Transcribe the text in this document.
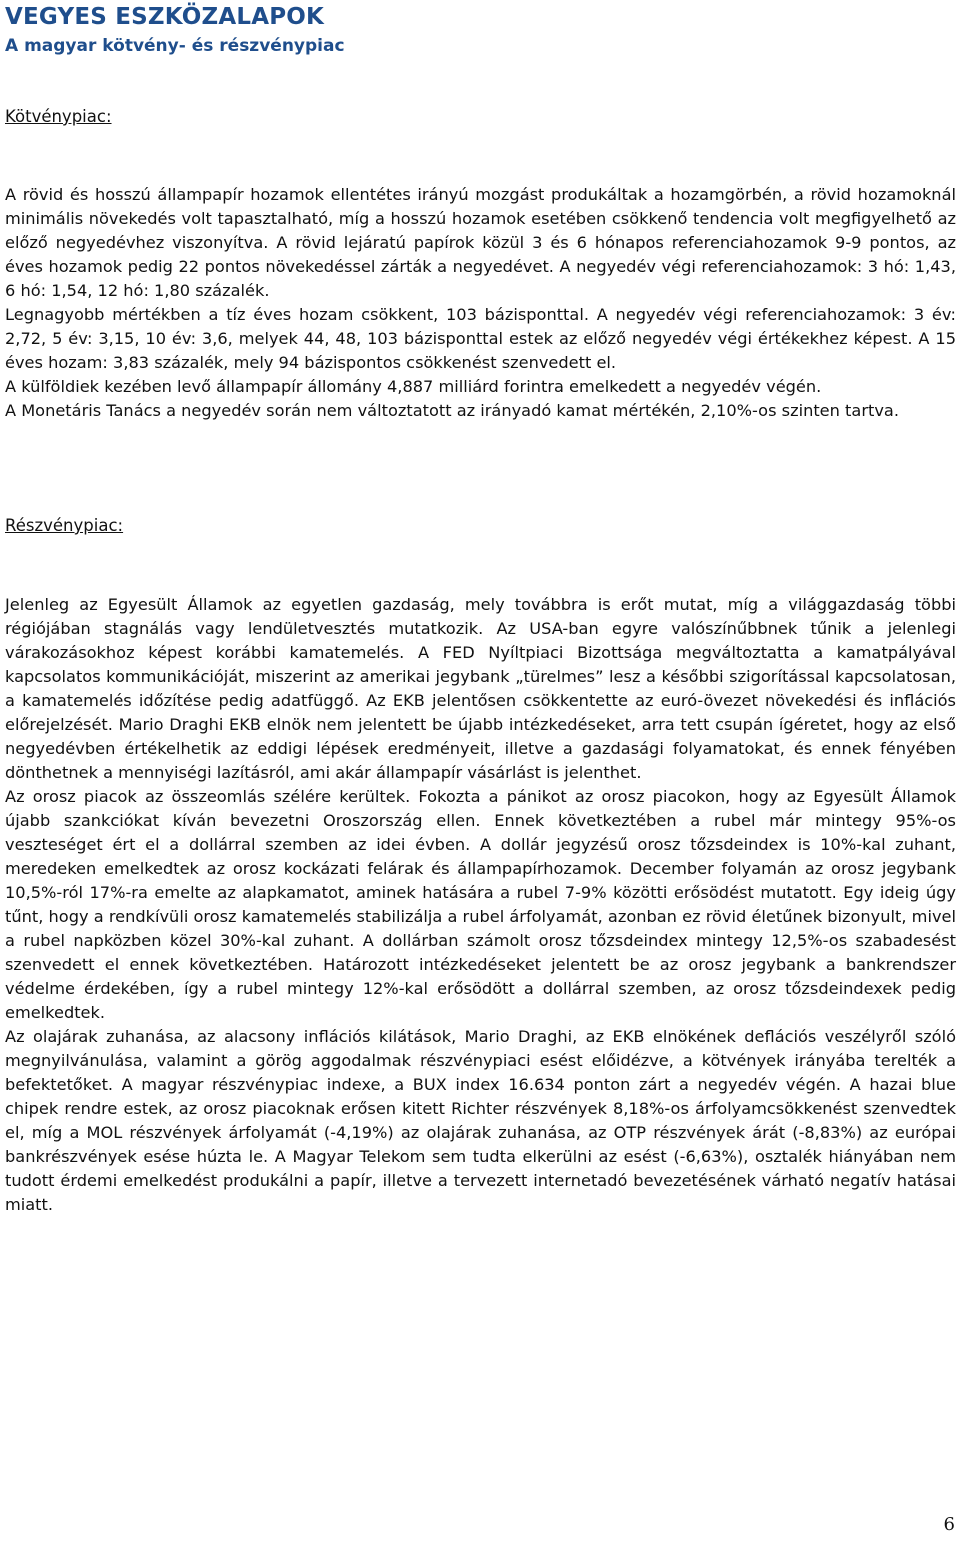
VEGYES ESZKÖZALAPOK
A magyar kötvény- és részvénypiac
Kötvénypiac:

A rövid és hosszú állampapír hozamok ellentétes irányú mozgást produkáltak a hozamgörbén, a rövid hozamoknál minimális növekedés volt tapasztalható, míg a hosszú hozamok esetében csökkenő tendencia volt megfigyelhető az előző negyedévhez viszonyítva. A rövid lejáratú papírok közül 3 és 6 hónapos referenciahozamok 9-9 pontos, az éves hozamok pedig 22 pontos növekedéssel zárták a negyedévet. A negyedév végi referenciahozamok: 3 hó: 1,43, 6 hó: 1,54, 12 hó: 1,80 százalék.

Legnagyobb mértékben a tíz éves hozam csökkent, 103 bázisponttal. A negyedév végi referenciahozamok: 3 év: 2,72, 5 év: 3,15, 10 év: 3,6, melyek 44, 48, 103 bázisponttal estek az előző negyedév végi értékekhez képest. A 15 éves hozam: 3,83 százalék, mely 94 bázispontos csökkenést szenvedett el.

A külföldiek kezében levő állampapír állomány 4,887 milliárd forintra emelkedett a negyedév végén.

A Monetáris Tanács a negyedév során nem változtatott az irányadó kamat mértékén, 2,10%-os szinten tartva.

Részvénypiac:

Jelenleg az Egyesült Államok az egyetlen gazdaság, mely továbbra is erőt mutat, míg a világgazdaság többi régiójában stagnálás vagy lendületvesztés mutatkozik. Az USA-ban egyre valószínűbbnek tűnik a jelenlegi várakozásokhoz képest korábbi kamatemelés. A FED Nyíltpiaci Bizottsága megváltoztatta a kamatpályával kapcsolatos kommunikációját, miszerint az amerikai jegybank „türelmes” lesz a későbbi szigorítással kapcsolatosan, a kamatemelés időzítése pedig adatfüggő. Az EKB jelentősen csökkentette az euró-övezet növekedési és inflációs előrejelzését. Mario Draghi EKB elnök nem jelentett be újabb intézkedéseket, arra tett csupán ígéretet, hogy az első negyedévben értékelhetik az eddigi lépések eredményeit, illetve a gazdasági folyamatokat, és ennek fényében dönthetnek a mennyiségi lazításról, ami akár állampapír vásárlást is jelenthet.

Az orosz piacok az összeomlás szélére kerültek. Fokozta a pánikot az orosz piacokon, hogy az Egyesült Államok újabb szankciókat kíván bevezetni Oroszország ellen. Ennek következtében a rubel már mintegy 95%-os veszteséget ért el a dollárral szemben az idei évben. A dollár jegyzésű orosz tőzsdeindex is 10%-kal zuhant, meredeken emelkedtek az orosz kockázati felárak és állampapírhozamok. December folyamán az orosz jegybank 10,5%-ról 17%-ra emelte az alapkamatot, aminek hatására a rubel 7-9% közötti erősödést mutatott. Egy ideig úgy tűnt, hogy a rendkívüli orosz kamatemelés stabilizálja a rubel árfolyamát, azonban ez rövid életűnek bizonyult, mivel a rubel napközben közel 30%-kal zuhant. A dollárban számolt orosz tőzsdeindex mintegy 12,5%-os szabadesést szenvedett el ennek következtében. Határozott intézkedéseket jelentett be az orosz jegybank a bankrendszer védelme érdekében, így a rubel mintegy 12%-kal erősödött a dollárral szemben, az orosz tőzsdeindexek pedig emelkedtek.

Az olajárak zuhanása, az alacsony inflációs kilátások, Mario Draghi, az EKB elnökének deflációs veszélyről szóló megnyilvánulása, valamint a görög aggodalmak részvénypiaci esést előidézve, a kötvények irányába terelték a befektetőket. A magyar részvénypiac indexe, a BUX index 16.634 ponton zárt a negyedév végén. A hazai blue chipek rendre estek, az orosz piacoknak erősen kitett Richter részvények 8,18%-os árfolyamcsökkenést szenvedtek el, míg a MOL részvények árfolyamát (-4,19%) az olajárak zuhanása, az OTP részvények árát (-8,83%) az európai bankrészvények esése húzta le. A Magyar Telekom sem tudta elkerülni az esést (-6,63%), osztalék hiányában nem tudott érdemi emelkedést produkálni a papír, illetve a tervezett internetadó bevezetésének várható negatív hatásai miatt.

6
